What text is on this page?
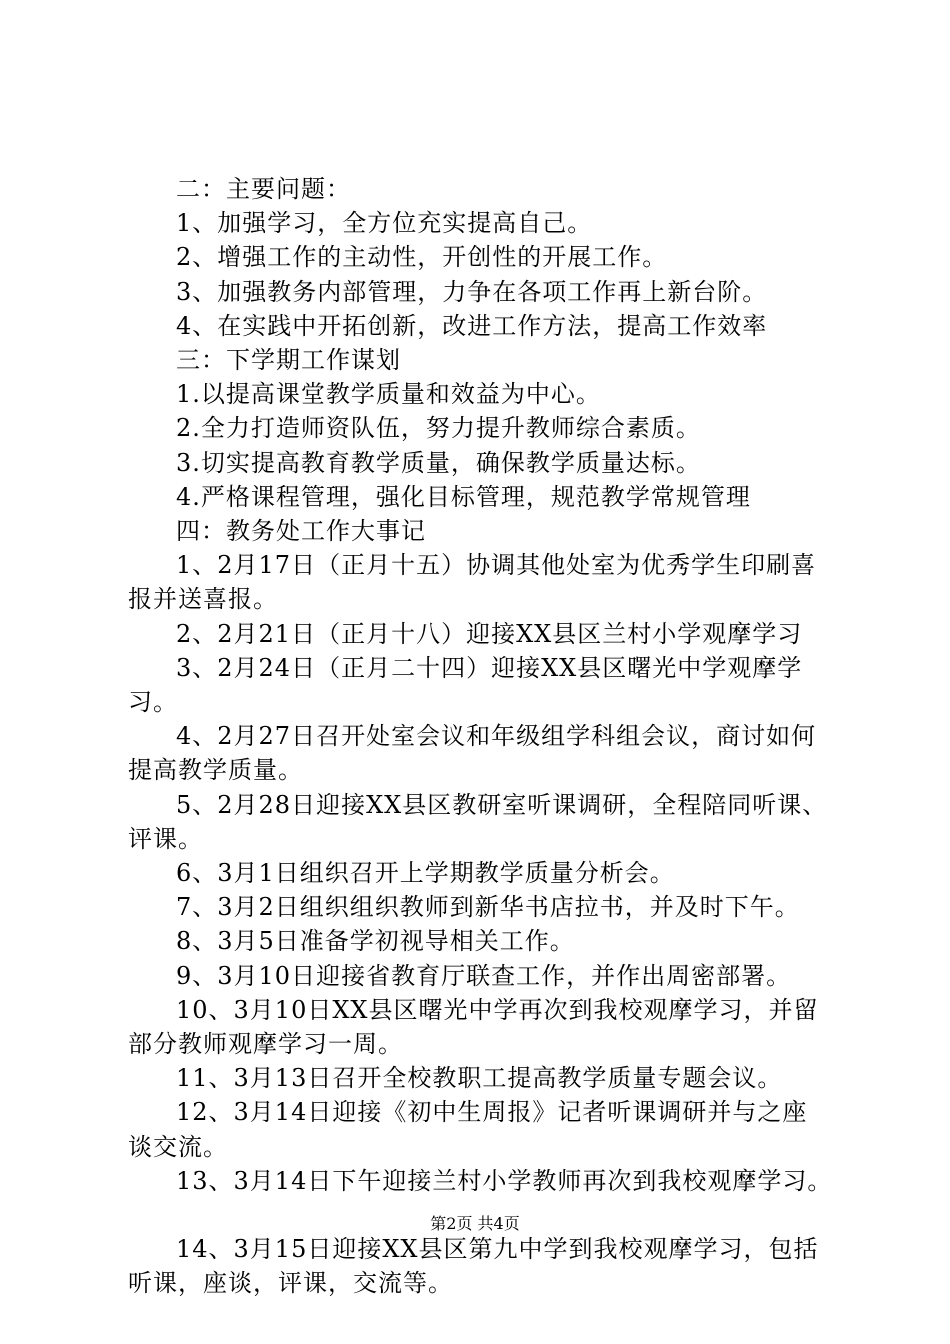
二：主要问题：
1、加强学习，全方位充实提高自己。
2、增强工作的主动性，开创性的开展工作。
3、加强教务内部管理，力争在各项工作再上新台阶。
4、在实践中开拓创新，改进工作方法，提高工作效率
三：下学期工作谋划
1.以提高课堂教学质量和效益为中心。
2.全力打造师资队伍，努力提升教师综合素质。
3.切实提高教育教学质量，确保教学质量达标。
4.严格课程管理，强化目标管理，规范教学常规管理
四：教务处工作大事记
1、2月17日（正月十五）协调其他处室为优秀学生印刷喜
报并送喜报。
2、2月21日（正月十八）迎接XX县区兰村小学观摩学习
3、2月24日（正月二十四）迎接XX县区曙光中学观摩学
习。
4、2月27日召开处室会议和年级组学科组会议，商讨如何
提高教学质量。
5、2月28日迎接XX县区教研室听课调研，全程陪同听课、
评课。
6、3月1日组织召开上学期教学质量分析会。
7、3月2日组织组织教师到新华书店拉书，并及时下午。
8、3月5日准备学初视导相关工作。
9、3月10日迎接省教育厅联查工作，并作出周密部署。
10、3月10日XX县区曙光中学再次到我校观摩学习，并留
部分教师观摩学习一周。
11、3月13日召开全校教职工提高教学质量专题会议。
12、3月14日迎接《初中生周报》记者听课调研并与之座
谈交流。
13、3月14日下午迎接兰村小学教师再次到我校观摩学习。
14、3月15日迎接XX县区第九中学到我校观摩学习，包括
听课，座谈，评课，交流等。
第2页 共4页
